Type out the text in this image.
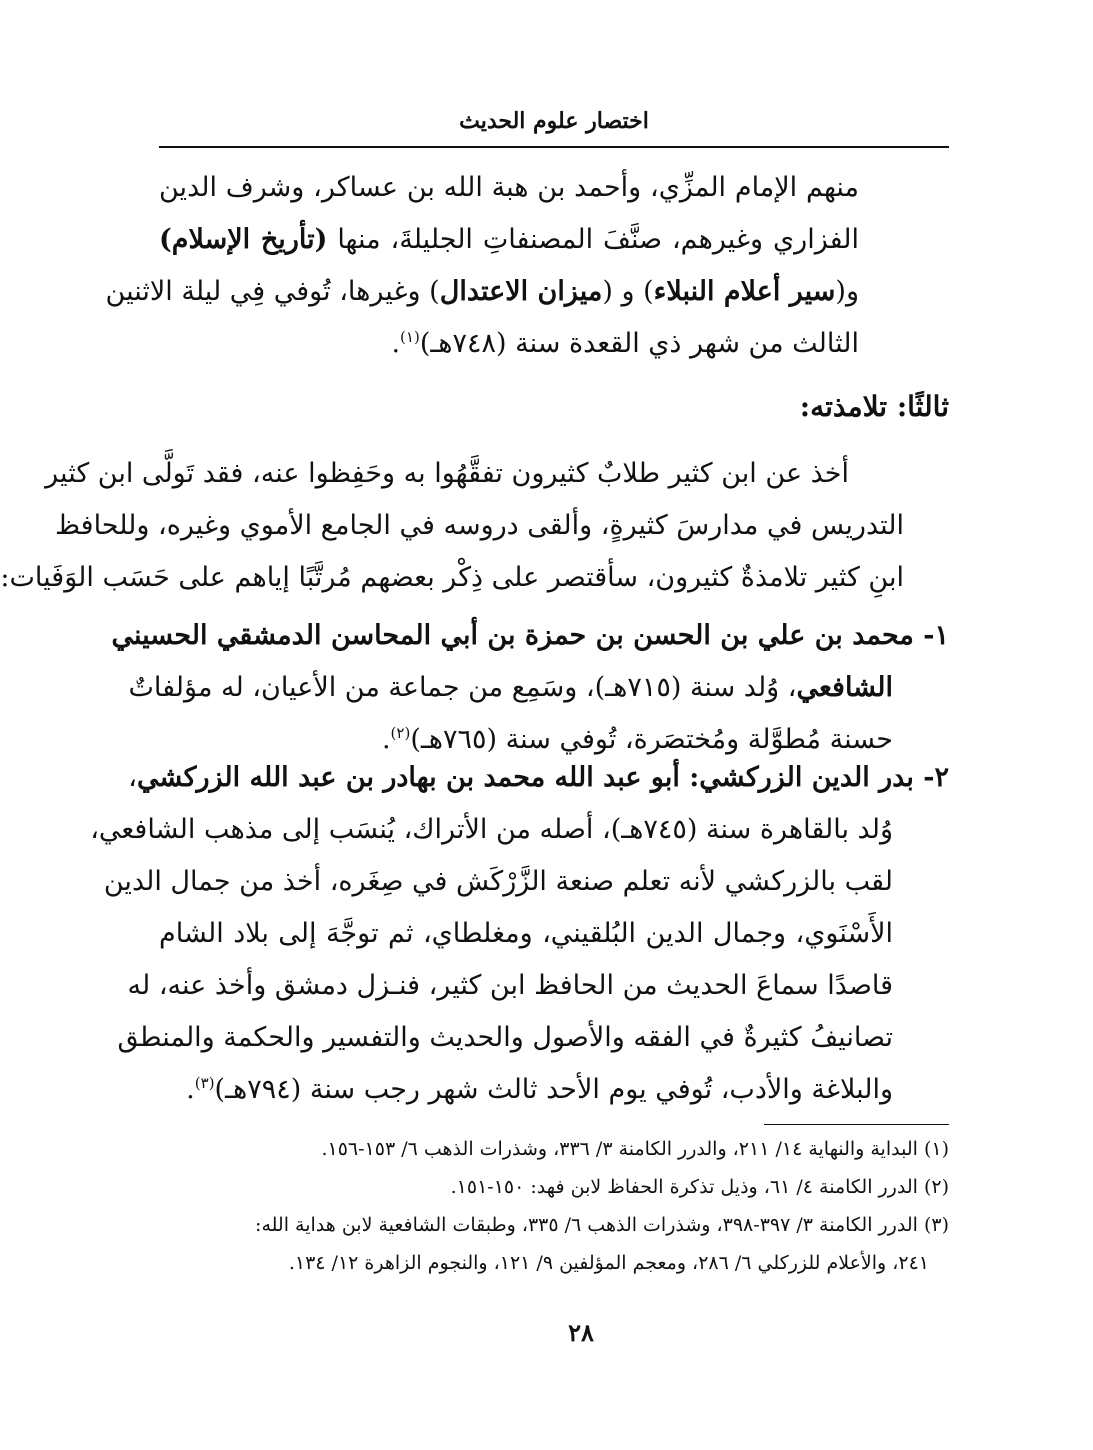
اختصار علوم الحديث
منهم الإمام المزِّي، وأحمد بن هبة الله بن عساكر، وشرف الدين
الفزاري وغيرهم، صنَّفَ المصنفاتِ الجليلةَ، منها (تأريخ الإسلام)
و(سير أعلام النبلاء) و (ميزان الاعتدال) وغيرها، تُوفي فِي ليلة الاثنين
الثالث من شهر ذي القعدة سنة (٧٤٨هـ)$^{(١)}$.
ثالثًا: تلامذته:
أخذ عن ابن كثير طلابٌ كثيرون تفقَّهُوا به وحَفِظوا عنه، فقد تَولَّى ابن كثير
التدريس في مدارسَ كثيرةٍ، وألقى دروسه في الجامع الأموي وغيره، وللحافظ
ابنِ كثير تلامذةٌ كثيرون، سأقتصر على ذِكْر بعضهم مُرتَّبًا إياهم على حَسَب الوَفَيات:
١- محمد بن علي بن الحسن بن حمزة بن أبي المحاسن الدمشقي الحسيني
الشافعي، وُلد سنة (٧١٥هـ)، وسَمِع من جماعة من الأعيان، له مؤلفاتٌ
حسنة مُطوَّلة ومُختصَرة، تُوفي سنة (٧٦٥هـ)$^{(٢)}$.
٢- بدر الدين الزركشي: أبو عبد الله محمد بن بهادر بن عبد الله الزركشي،
وُلد بالقاهرة سنة (٧٤٥هـ)، أصله من الأتراك، يُنسَب إلى مذهب الشافعي،
لقب بالزركشي لأنه تعلم صنعة الزَّرْكَش في صِغَره، أخذ من جمال الدين
الأَسْنَوي، وجمال الدين البُلقيني، ومغلطاي، ثم توجَّهَ إلى بلاد الشام
قاصدًا سماعَ الحديث من الحافظ ابن كثير، فنـزل دمشق وأخذ عنه، له
تصانيفُ كثيرةٌ في الفقه والأصول والحديث والتفسير والحكمة والمنطق
والبلاغة والأدب، تُوفي يوم الأحد ثالث شهر رجب سنة (٧٩٤هـ)$^{(٣)}$.
(١) البداية والنهاية ١٤/ ٢١١، والدرر الكامنة ٣/ ٣٣٦، وشذرات الذهب ٦/ ١٥٣-١٥٦.
(٢) الدرر الكامنة ٤/ ٦١، وذيل تذكرة الحفاظ لابن فهد: ١٥٠-١٥١.
(٣) الدرر الكامنة ٣/ ٣٩٧-٣٩٨، وشذرات الذهب ٦/ ٣٣٥، وطبقات الشافعية لابن هداية الله:
٢٤١، والأعلام للزركلي ٦/ ٢٨٦، ومعجم المؤلفين ٩/ ١٢١، والنجوم الزاهرة ١٢/ ١٣٤.
٢٨
